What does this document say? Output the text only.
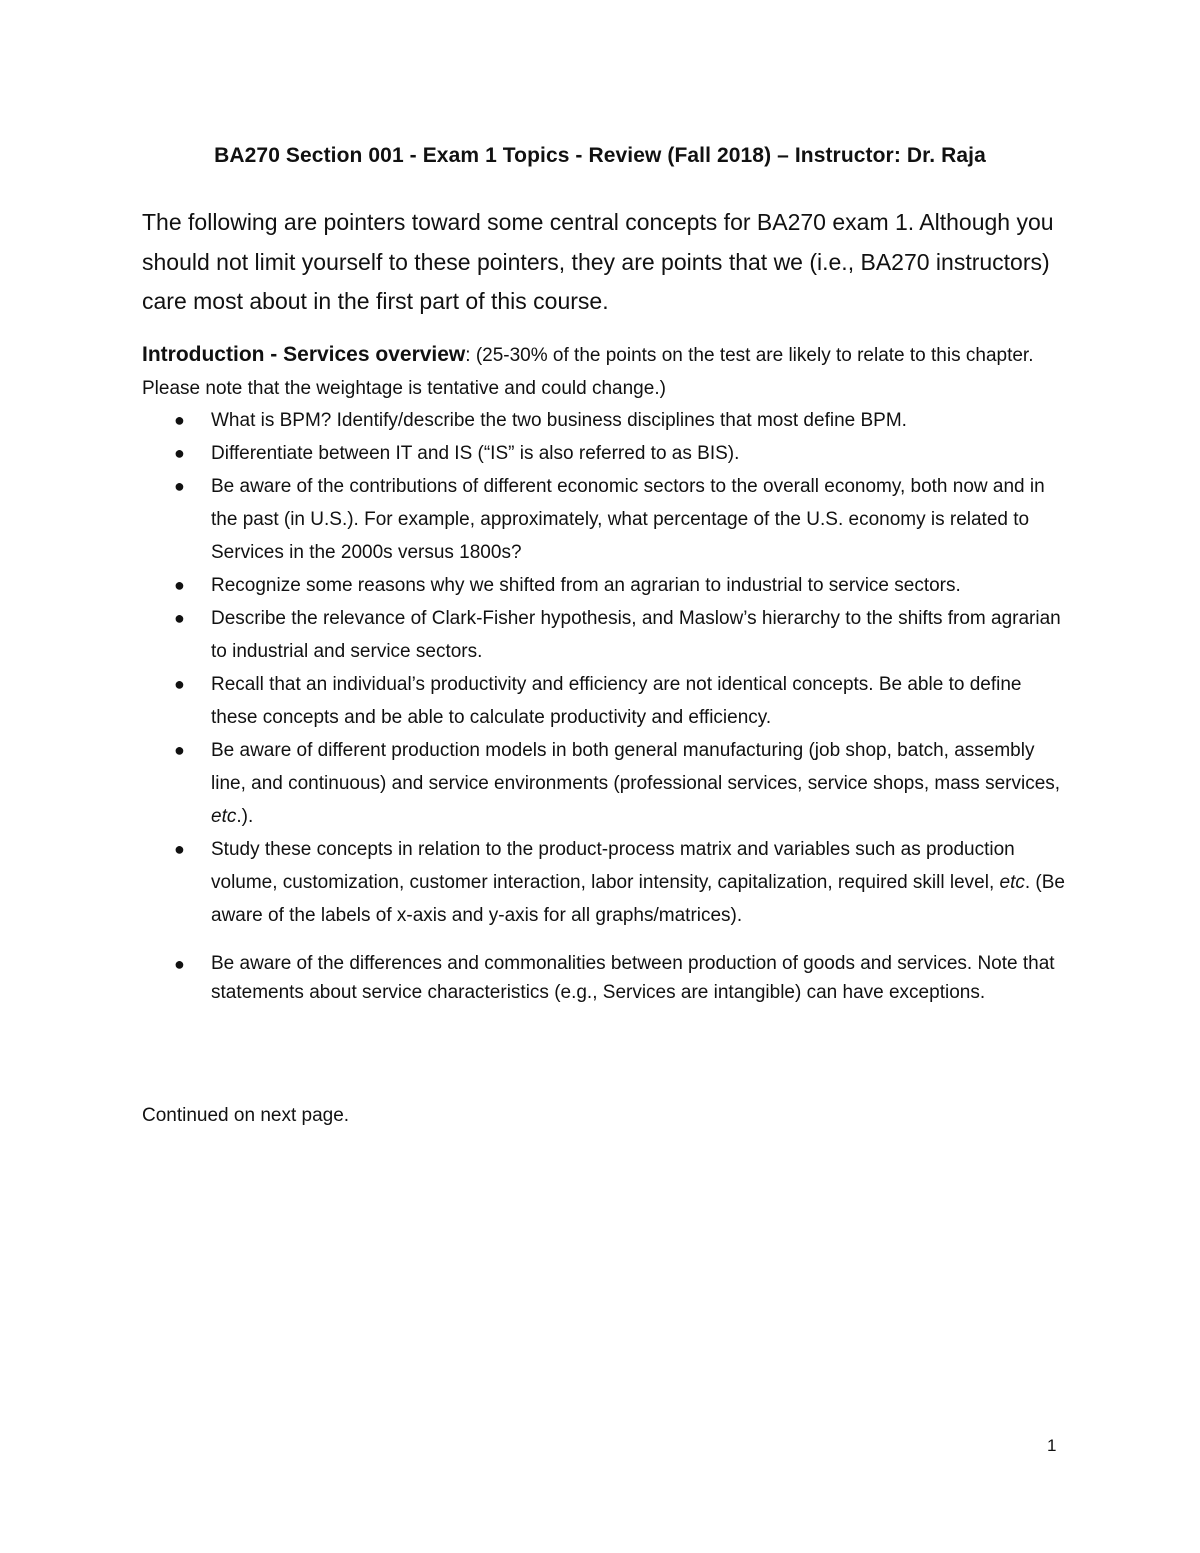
BA270 Section 001 - Exam 1 Topics - Review (Fall 2018) – Instructor: Dr. Raja
The following are pointers toward some central concepts for BA270 exam 1. Although you should not limit yourself to these pointers, they are points that we (i.e., BA270 instructors) care most about in the first part of this course.
Introduction - Services overview: (25-30% of the points on the test are likely to relate to this chapter. Please note that the weightage is tentative and could change.)
● What is BPM? Identify/describe the two business disciplines that most define BPM.
● Differentiate between IT and IS (“IS” is also referred to as BIS).
● Be aware of the contributions of different economic sectors to the overall economy, both now and in the past (in U.S.). For example, approximately, what percentage of the U.S. economy is related to Services in the 2000s versus 1800s?
● Recognize some reasons why we shifted from an agrarian to industrial to service sectors.
● Describe the relevance of Clark-Fisher hypothesis, and Maslow’s hierarchy to the shifts from agrarian to industrial and service sectors.
● Recall that an individual’s productivity and efficiency are not identical concepts. Be able to define these concepts and be able to calculate productivity and efficiency.
● Be aware of different production models in both general manufacturing (job shop, batch, assembly line, and continuous) and service environments (professional services, service shops, mass services, etc.).
● Study these concepts in relation to the product-process matrix and variables such as production volume, customization, customer interaction, labor intensity, capitalization, required skill level, etc. (Be aware of the labels of x-axis and y-axis for all graphs/matrices).
● Be aware of the differences and commonalities between production of goods and services. Note that statements about service characteristics (e.g., Services are intangible) can have exceptions.
Continued on next page.
1
